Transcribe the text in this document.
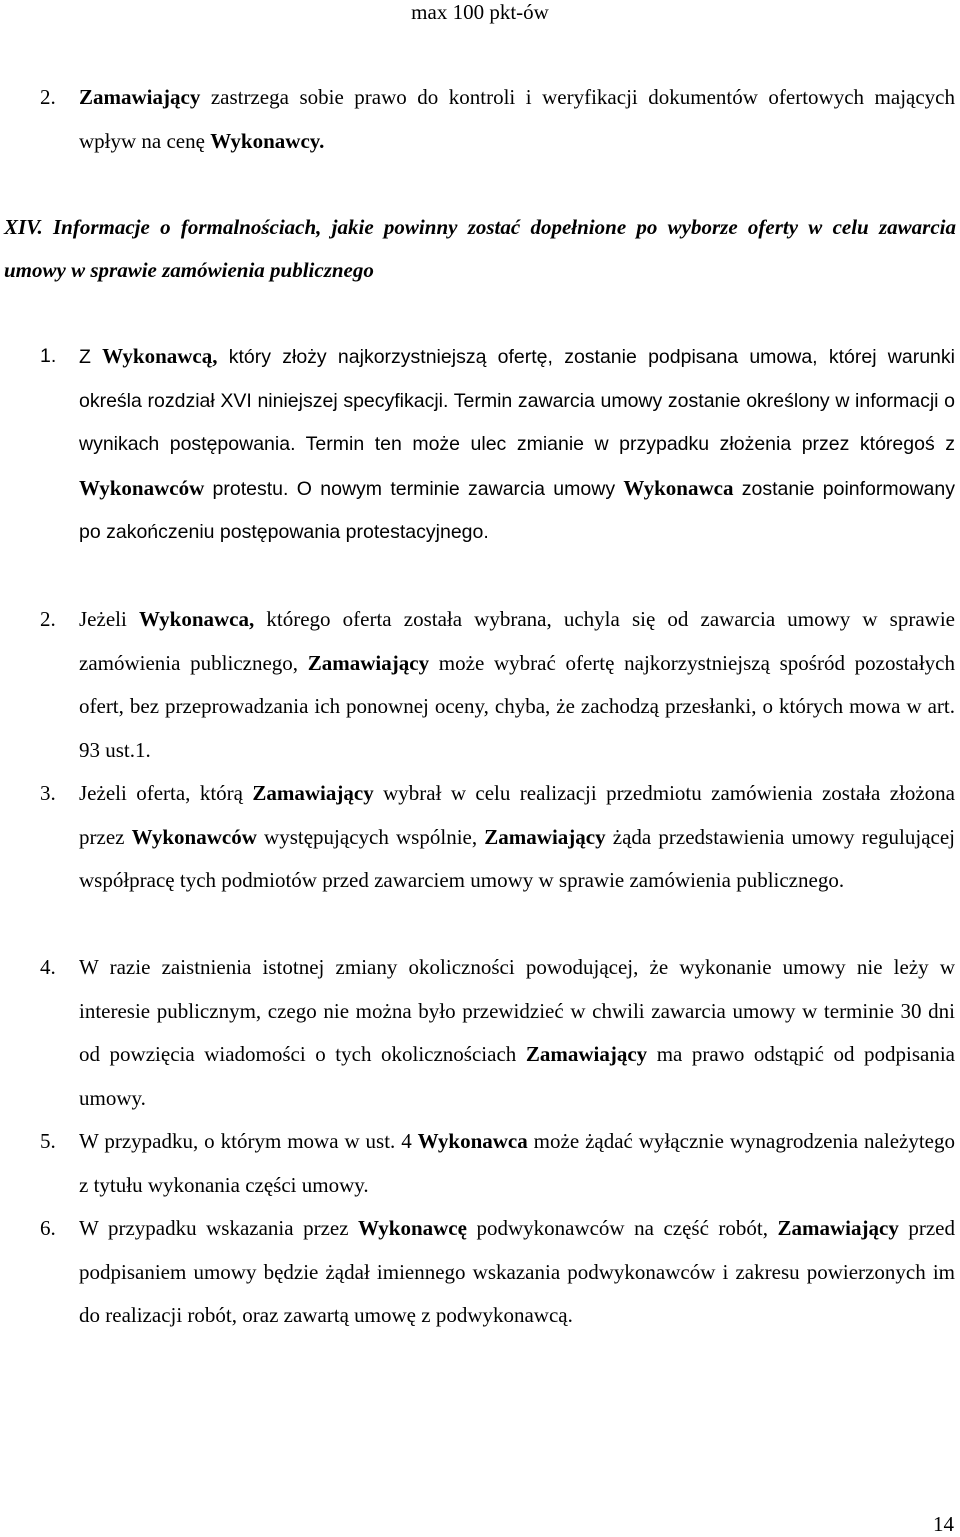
max 100 pkt-ów
2. Zamawiający zastrzega sobie prawo do kontroli i weryfikacji dokumentów ofertowych mających wpływ na cenę Wykonawcy.
XIV. Informacje o formalnościach, jakie powinny zostać dopełnione po wyborze oferty w celu zawarcia umowy w sprawie zamówienia publicznego
1. Z Wykonawcą, który złoży najkorzystniejszą ofertę, zostanie podpisana umowa, której warunki określa rozdział XVI niniejszej specyfikacji. Termin zawarcia umowy zostanie określony w informacji o wynikach postępowania. Termin ten może ulec zmianie w przypadku złożenia przez któregoś z Wykonawców protestu. O nowym terminie zawarcia umowy Wykonawca zostanie poinformowany po zakończeniu postępowania protestacyjnego.
2. Jeżeli Wykonawca, którego oferta została wybrana, uchyla się od zawarcia umowy w sprawie zamówienia publicznego, Zamawiający może wybrać ofertę najkorzystniejszą spośród pozostałych ofert, bez przeprowadzania ich ponownej oceny, chyba, że zachodzą przesłanki, o których mowa w art. 93 ust.1.
3. Jeżeli oferta, którą Zamawiający wybrał w celu realizacji przedmiotu zamówienia została złożona przez Wykonawców występujących wspólnie, Zamawiający żąda przedstawienia umowy regulującej współpracę tych podmiotów przed zawarciem umowy w sprawie zamówienia publicznego.
4. W razie zaistnienia istotnej zmiany okoliczności powodującej, że wykonanie umowy nie leży w interesie publicznym, czego nie można było przewidzieć w chwili zawarcia umowy w terminie 30 dni od powzięcia wiadomości o tych okolicznościach Zamawiający ma prawo odstąpić od podpisania umowy.
5. W przypadku, o którym mowa w ust. 4 Wykonawca może żądać wyłącznie wynagrodzenia należytego z tytułu wykonania części umowy.
6. W przypadku wskazania przez Wykonawcę podwykonawców na część robót, Zamawiający przed podpisaniem umowy będzie żądał imiennego wskazania podwykonawców i zakresu powierzonych im do realizacji robót, oraz zawartą umowę z podwykonawcą.
14
